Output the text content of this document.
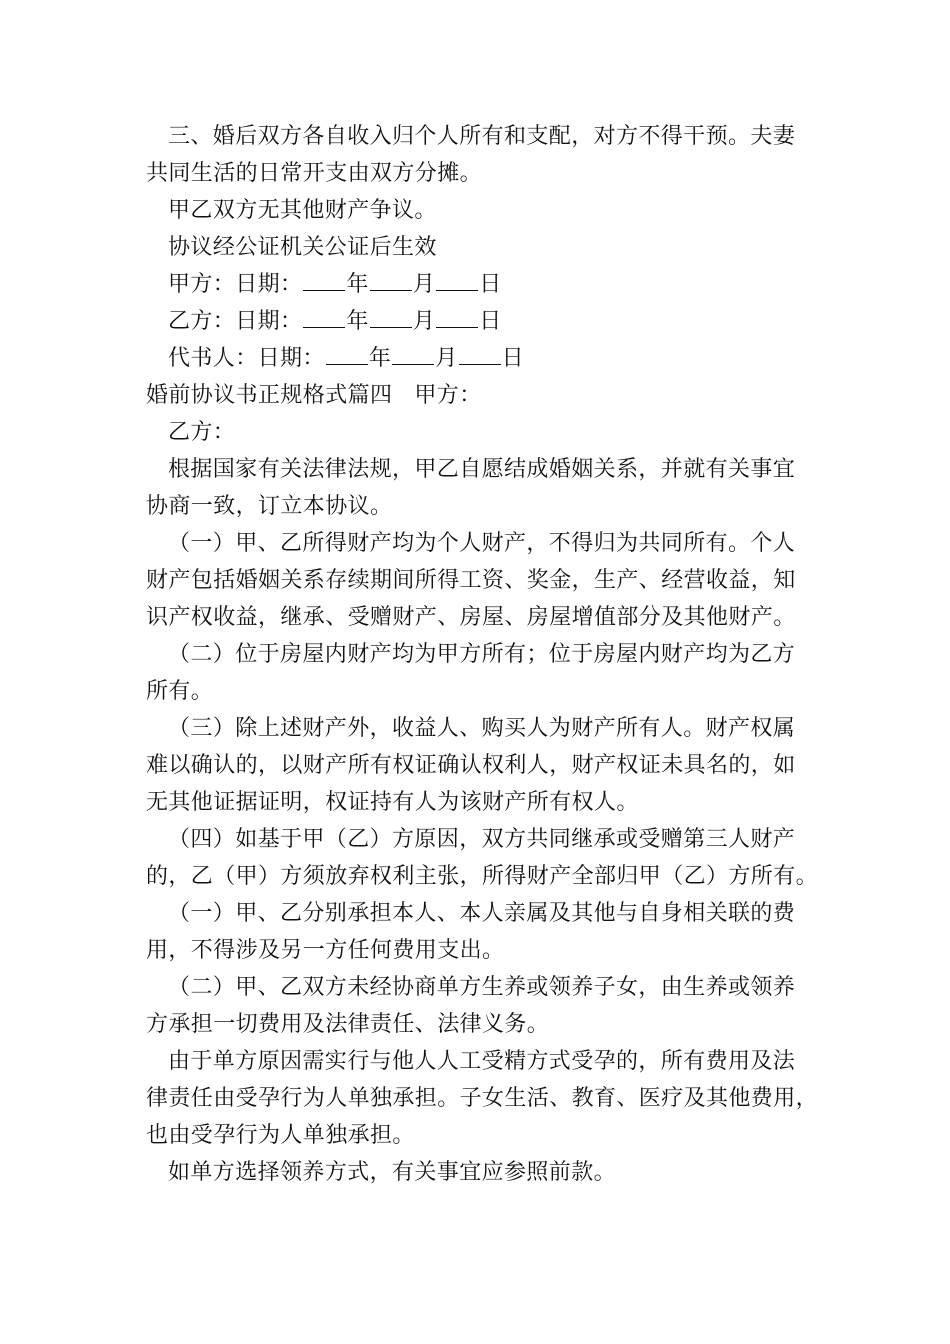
三、婚后双方各自收入归个人所有和支配，对方不得干预。夫妻
共同生活的日常开支由双方分摊。
甲乙双方无其他财产争议。
协议经公证机关公证后生效
甲方：日期： 年 月 日
乙方：日期： 年 月 日
代书人：日期： 年 月 日
婚前协议书正规格式篇四 甲方：
乙方：
根据国家有关法律法规，甲乙自愿结成婚姻关系，并就有关事宜
协商一致，订立本协议。
（一）甲、乙所得财产均为个人财产，不得归为共同所有。个人
财产包括婚姻关系存续期间所得工资、奖金，生产、经营收益，知
识产权收益，继承、受赠财产、房屋、房屋增值部分及其他财产。
（二）位于房屋内财产均为甲方所有；位于房屋内财产均为乙方
所有。
（三）除上述财产外，收益人、购买人为财产所有人。财产权属
难以确认的，以财产所有权证确认权利人，财产权证未具名的，如
无其他证据证明，权证持有人为该财产所有权人。
（四）如基于甲（乙）方原因，双方共同继承或受赠第三人财产
的，乙（甲）方须放弃权利主张，所得财产全部归甲（乙）方所有。
（一）甲、乙分别承担本人、本人亲属及其他与自身相关联的费
用，不得涉及另一方任何费用支出。
（二）甲、乙双方未经协商单方生养或领养子女，由生养或领养
方承担一切费用及法律责任、法律义务。
由于单方原因需实行与他人人工受精方式受孕的，所有费用及法
律责任由受孕行为人单独承担。子女生活、教育、医疗及其他费用，
也由受孕行为人单独承担。
如单方选择领养方式，有关事宜应参照前款。
